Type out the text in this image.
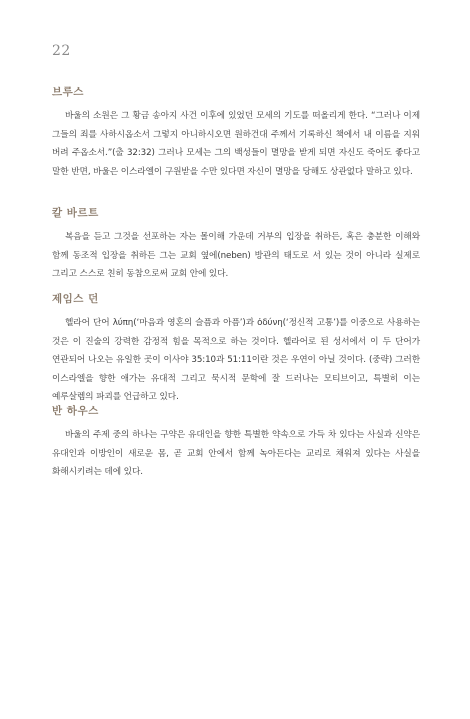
22
브루스

바울의 소원은 그 황금 송아지 사건 이후에 있었던 모세의 기도를 떠올리게 한다. “그러나 이제 그들의 죄를 사하시옵소서 그렇지 아니하시오면 원하건대 주께서 기록하신 책에서 내 이름을 지워 버려 주옵소서.”(출 32:32) 그러나 모세는 그의 백성들이 멸망을 받게 되면 자신도 죽어도 좋다고 말한 반면, 바울은 이스라엘이 구원받을 수만 있다면 자신이 멸망을 당해도 상관없다 말하고 있다.

칼 바르트

복음을 듣고 그것을 선포하는 자는 몰이해 가운데 거부의 입장을 취하든, 혹은 충분한 이해와 함께 동조적 입장을 취하든 그는 교회 옆에(neben) 방관의 태도로 서 있는 것이 아니라 실제로 그리고 스스로 친히 동참으로써 교회 안에 있다.

제임스 던

헬라어 단어 λύπη(‘마음과 영혼의 슬픔과 아픔’)과 ὀδύνη(‘정신적 고통’)를 이중으로 사용하는 것은 이 진술의 강력한 감정적 힘을 목적으로 하는 것이다. 헬라어로 된 성서에서 이 두 단어가 연관되어 나오는 유일한 곳이 이사야 35:10과 51:11이란 것은 우연이 아닐 것이다. (중략) 그러한 이스라엘을 향한 애가는 유대적 그리고 묵시적 문학에 잘 드러나는 모티브이고, 특별히 이는 예루살렘의 파괴를 언급하고 있다.

반 하우스

바울의 주제 중의 하나는 구약은 유대인을 향한 특별한 약속으로 가득 차 있다는 사실과 신약은 유대인과 이방인이 새로운 몸, 곧 교회 안에서 함께 녹아든다는 교리로 채워져 있다는 사실을 화해시키려는 데에 있다.
